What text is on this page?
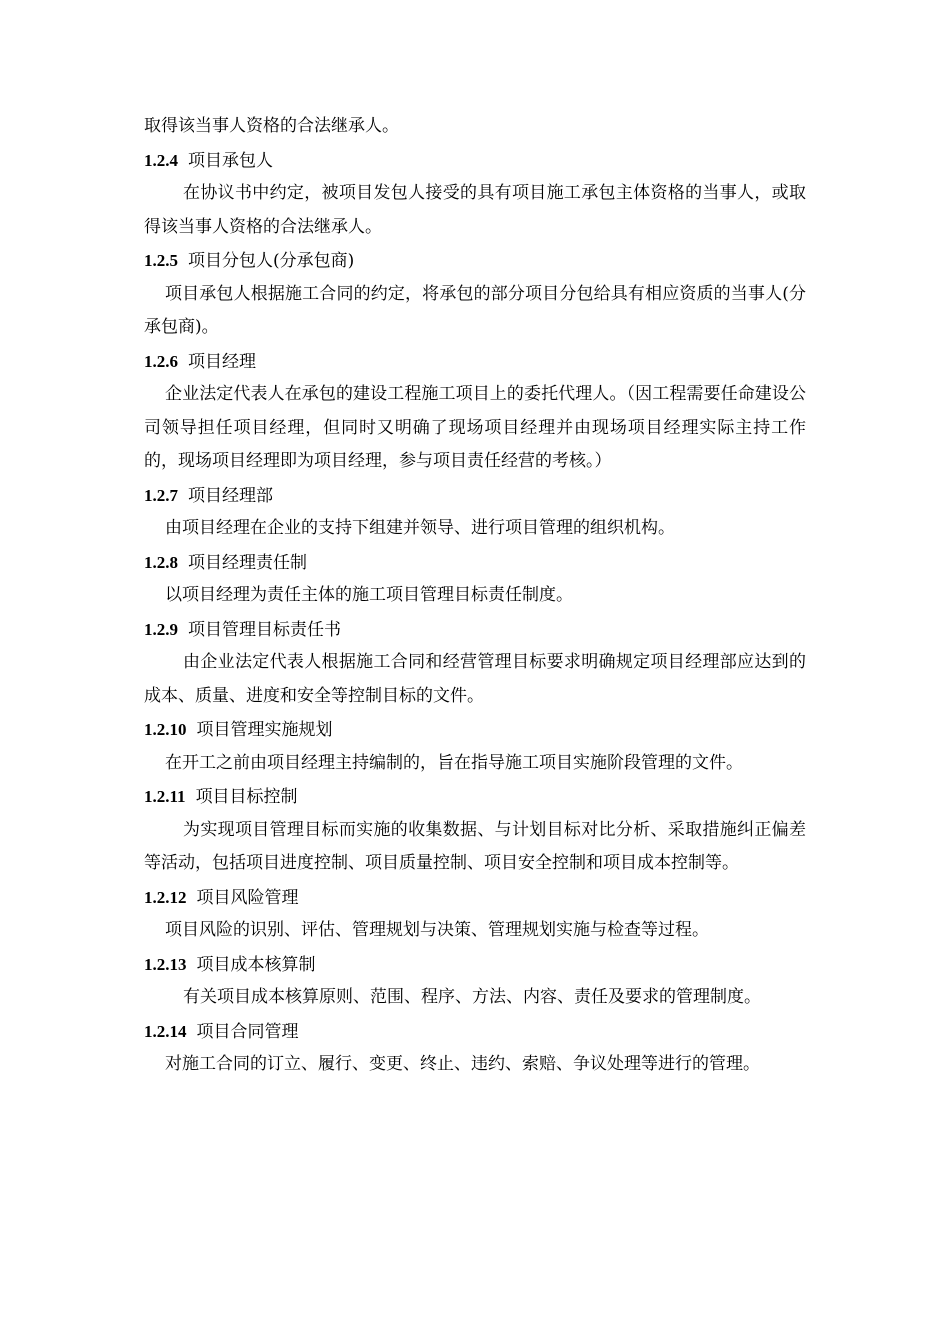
取得该当事人资格的合法继承人。
1.2.4 项目承包人
在协议书中约定，被项目发包人接受的具有项目施工承包主体资格的当事人，或取得该当事人资格的合法继承人。
1.2.5 项目分包人(分承包商)
项目承包人根据施工合同的约定，将承包的部分项目分包给具有相应资质的当事人(分承包商)。
1.2.6 项目经理
企业法定代表人在承包的建设工程施工项目上的委托代理人。（因工程需要任命建设公司领导担任项目经理，但同时又明确了现场项目经理并由现场项目经理实际主持工作的，现场项目经理即为项目经理，参与项目责任经营的考核。）
1.2.7 项目经理部
由项目经理在企业的支持下组建并领导、进行项目管理的组织机构。
1.2.8 项目经理责任制
以项目经理为责任主体的施工项目管理目标责任制度。
1.2.9 项目管理目标责任书
由企业法定代表人根据施工合同和经营管理目标要求明确规定项目经理部应达到的成本、质量、进度和安全等控制目标的文件。
1.2.10 项目管理实施规划
在开工之前由项目经理主持编制的，旨在指导施工项目实施阶段管理的文件。
1.2.11 项目目标控制
为实现项目管理目标而实施的收集数据、与计划目标对比分析、采取措施纠正偏差等活动，包括项目进度控制、项目质量控制、项目安全控制和项目成本控制等。
1.2.12 项目风险管理
项目风险的识别、评估、管理规划与决策、管理规划实施与检查等过程。
1.2.13 项目成本核算制
有关项目成本核算原则、范围、程序、方法、内容、责任及要求的管理制度。
1.2.14 项目合同管理
对施工合同的订立、履行、变更、终止、违约、索赔、争议处理等进行的管理。
